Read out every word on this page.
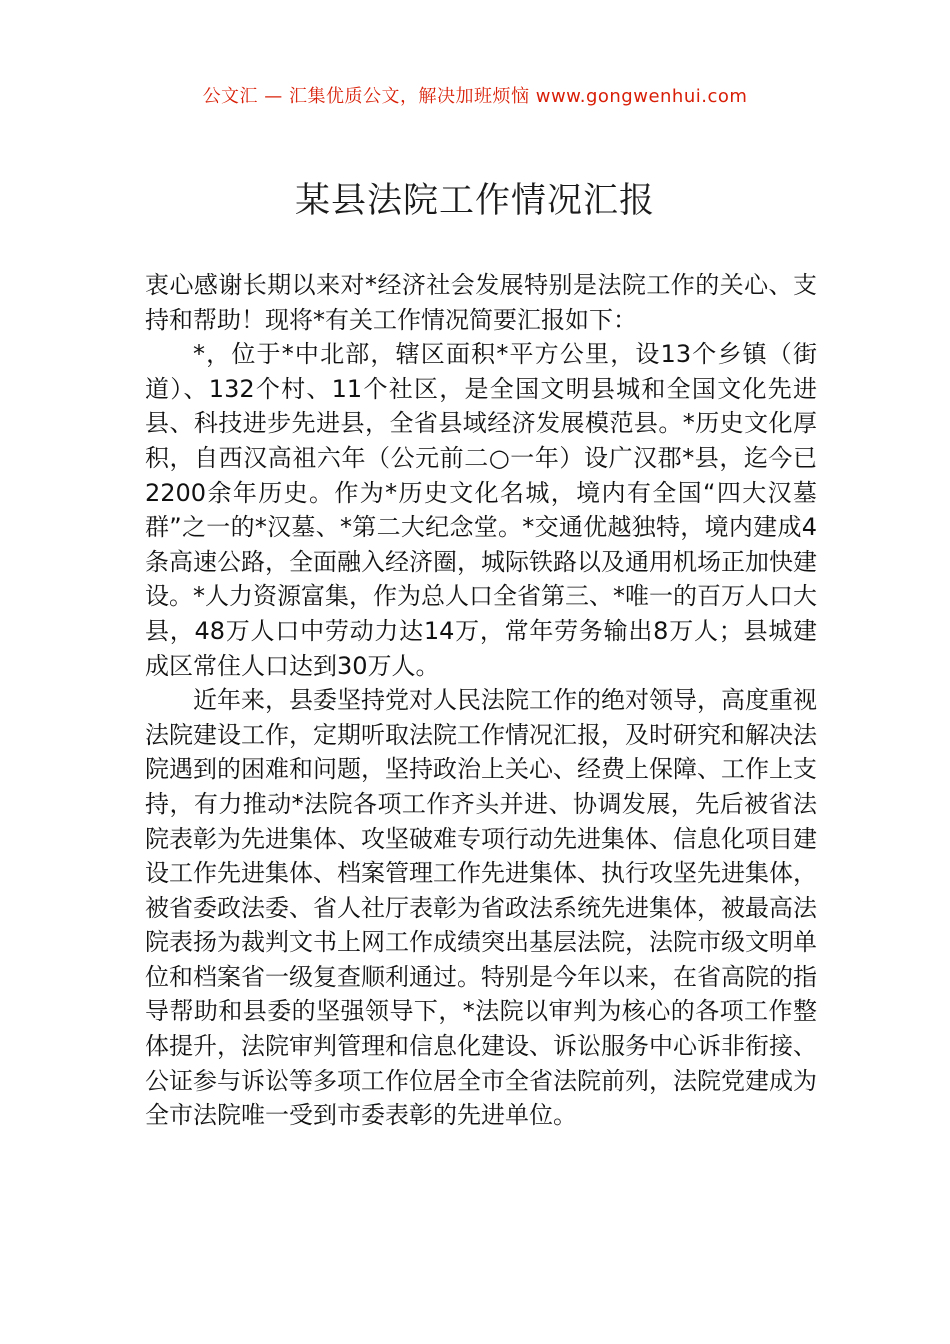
公文汇 — 汇集优质公文，解决加班烦恼 www.gongwenhui.com
某县法院工作情况汇报

衷心感谢长期以来对*经济社会发展特别是法院工作的关心、支持和帮助！现将*有关工作情况简要汇报如下：

*，位于*中北部，辖区面积*平方公里，设13个乡镇（街道）、132个村、11个社区，是全国文明县城和全国文化先进县、科技进步先进县，全省县域经济发展模范县。*历史文化厚积，自西汉高祖六年（公元前二○一年）设广汉郡*县，迄今已2200余年历史。作为*历史文化名城，境内有全国“四大汉墓群”之一的*汉墓、*第二大纪念堂。*交通优越独特，境内建成4条高速公路，全面融入经济圈，城际铁路以及通用机场正加快建设。*人力资源富集，作为总人口全省第三、*唯一的百万人口大县，48万人口中劳动力达14万，常年劳务输出8万人；县城建成区常住人口达到30万人。

近年来，县委坚持党对人民法院工作的绝对领导，高度重视法院建设工作，定期听取法院工作情况汇报，及时研究和解决法院遇到的困难和问题，坚持政治上关心、经费上保障、工作上支持，有力推动*法院各项工作齐头并进、协调发展，先后被省法院表彰为先进集体、攻坚破难专项行动先进集体、信息化项目建设工作先进集体、档案管理工作先进集体、执行攻坚先进集体，被省委政法委、省人社厅表彰为省政法系统先进集体，被最高法院表扬为裁判文书上网工作成绩突出基层法院，法院市级文明单位和档案省一级复查顺利通过。特别是今年以来，在省高院的指导帮助和县委的坚强领导下，*法院以审判为核心的各项工作整体提升，法院审判管理和信息化建设、诉讼服务中心诉非衔接、公证参与诉讼等多项工作位居全市全省法院前列，法院党建成为全市法院唯一受到市委表彰的先进单位。
